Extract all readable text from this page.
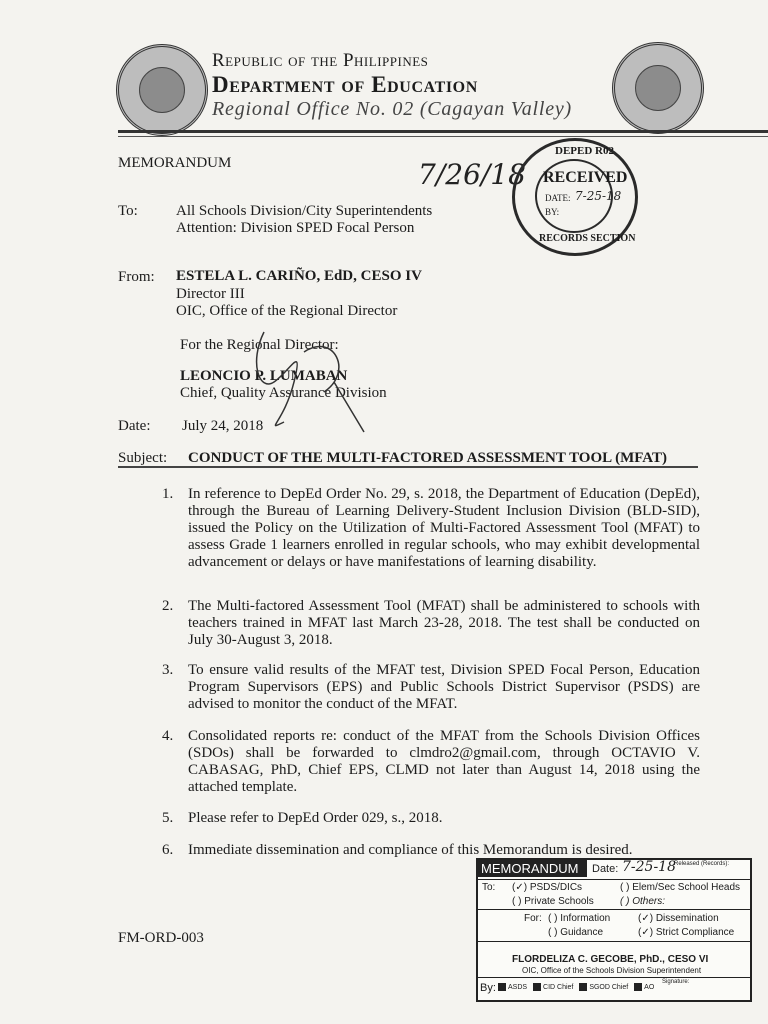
Republic of the Philippines
Department of Education
Regional Office No. 02 (Cagayan Valley)
MEMORANDUM	7/26/18
DEPED R02
RECEIVED
DATE: 7-25-18
BY:
RECORDS SECTION
To:	All Schools Division/City Superintendents
Attention: Division SPED Focal Person
From: ESTELA L. CARIÑO, EdD, CESO IV
Director III
OIC, Office of the Regional Director
For the Regional Director:
LEONCIO P. LUMABAN
Chief, Quality Assurance Division
Date: July 24, 2018
Subject: CONDUCT OF THE MULTI-FACTORED ASSESSMENT TOOL (MFAT)
1. In reference to DepEd Order No. 29, s. 2018, the Department of Education (DepEd), through the Bureau of Learning Delivery-Student Inclusion Division (BLD-SID), issued the Policy on the Utilization of Multi-Factored Assessment Tool (MFAT) to assess Grade 1 learners enrolled in regular schools, who may exhibit developmental advancement or delays or have manifestations of learning disability.
2. The Multi-factored Assessment Tool (MFAT) shall be administered to schools with teachers trained in MFAT last March 23-28, 2018. The test shall be conducted on July 30-August 3, 2018.
3. To ensure valid results of the MFAT test, Division SPED Focal Person, Education Program Supervisors (EPS) and Public Schools District Supervisor (PSDS) are advised to monitor the conduct of the MFAT.
4. Consolidated reports re: conduct of the MFAT from the Schools Division Offices (SDOs) shall be forwarded to clmdro2@gmail.com, through OCTAVIO V. CABASAG, PhD, Chief EPS, CLMD not later than August 14, 2018 using the attached template.
5. Please refer to DepEd Order 029, s., 2018.
6. Immediate dissemination and compliance of this Memorandum is desired.
FM-ORD-003
MEMORANDUM	Date: 7-25-18
Released (Records):
To: (✓) PSDS/DICs	( ) Elem/Sec School Heads
( ) Private Schools	( ) Others:
For: ( ) Information	(✓) Dissemination
( ) Guidance	(✓) Strict Compliance
FLORDELIZA C. GECOBE, PhD., CESO VI
OIC, Office of the Schools Division Superintendent
By:	ASDS CID Chief SGOD Chief AO
Signature:
